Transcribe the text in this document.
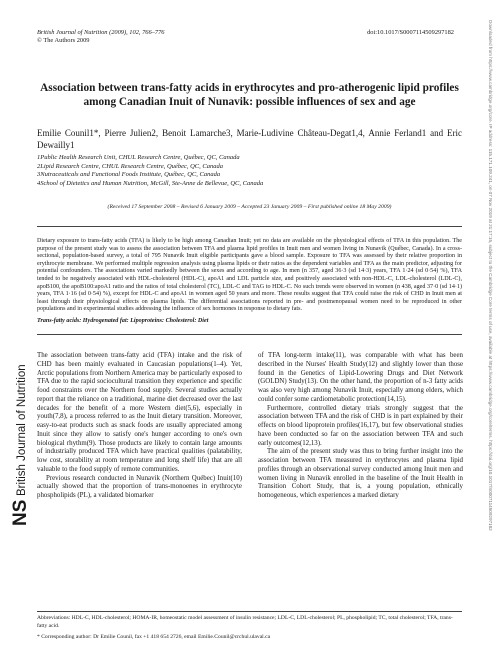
British Journal of Nutrition (2009), 102, 766–776
© The Authors 2009
doi:10.1017/S0007114509297182
Association between trans-fatty acids in erythrocytes and pro-atherogenic lipid profiles among Canadian Inuit of Nunavik: possible influences of sex and age
Emilie Counil1*, Pierre Julien2, Benoit Lamarche3, Marie-Ludivine Château-Degat1,4, Annie Ferland1 and Eric Dewailly1
1Public Health Research Unit, CHUL Research Centre, Québec, QC, Canada
2Lipid Research Centre, CHUL Research Centre, Québec, QC, Canada
3Nutraceuticals and Functional Foods Institute, Québec, QC, Canada
4School of Dietetics and Human Nutrition, McGill, Ste-Anne de Bellevue, QC, Canada
(Received 17 September 2008 – Revised 6 January 2009 – Accepted 23 January 2009 – First published online 18 May 2009)
Dietary exposure to trans-fatty acids (TFA) is likely to be high among Canadian Inuit; yet no data are available on the physiological effects of TFA in this population. The purpose of the present study was to assess the association between TFA and plasma lipid profiles in Inuit men and women living in Nunavik (Québec, Canada). In a cross-sectional, population-based survey, a total of 795 Nunavik Inuit eligible participants gave a blood sample. Exposure to TFA was assessed by their relative proportion in erythrocyte membrane. We performed multiple regression analysis using plasma lipids or their ratios as the dependent variables and TFA as the main predictor, adjusting for potential confounders. The associations varied markedly between the sexes and according to age. In men (n 357, aged 36·3 (sd 14·3) years, TFA 1·24 (sd 0·54) %), TFA tended to be negatively associated with HDL-cholesterol (HDL-C), apoA1 and LDL particle size, and positively associated with non-HDL-C, LDL-cholesterol (LDL-C), apoB100, the apoB100:apoA1 ratio and the ratios of total cholesterol (TC), LDL-C and TAG to HDL-C. No such trends were observed in women (n 438, aged 37·0 (sd 14·1) years, TFA 1·16 (sd 0·54) %), except for HDL-C and apoA1 in women aged 50 years and more. These results suggest that TFA could raise the risk of CHD in Inuit men at least through their physiological effects on plasma lipids. The differential associations reported in pre- and postmenopausal women need to be reproduced in other populations and in experimental studies addressing the influence of sex hormones in response to dietary fats.
Trans-fatty acids: Hydrogenated fat: Lipoproteins: Cholesterol: Diet
NS
British Journal of Nutrition

The association between trans-fatty acid (TFA) intake and the risk of CHD has been mainly evaluated in Caucasian populations(1–4). Yet, Arctic populations from Northern America may be particularly exposed to TFA due to the rapid sociocultural transition they experience and specific food constraints over the Northern food supply. Several studies actually report that the reliance on a traditional, marine diet decreased over the last decades for the benefit of a more Western diet(5,6), especially in youth(7,8), a process referred to as the Inuit dietary transition. Moreover, easy-to-eat products such as snack foods are usually appreciated among Inuit since they allow to satisfy one's hunger according to one's own biological rhythm(9). Those products are likely to contain large amounts of industrially produced TFA which have practical qualities (palatability, low cost, storability at room temperature and long shelf life) that are all valuable to the food supply of remote communities.

Previous research conducted in Nunavik (Northern Québec) Inuit(10) actually showed that the proportion of trans-monoenes in erythrocyte phospholipids (PL), a validated biomarker

of TFA long-term intake(11), was comparable with what has been described in the Nurses' Health Study(12) and slightly lower than those found in the Genetics of Lipid-Lowering Drugs and Diet Network (GOLDN) Study(13). On the other hand, the proportion of n-3 fatty acids was also very high among Nunavik Inuit, especially among elders, which could confer some cardiometabolic protection(14,15).

Furthermore, controlled dietary trials strongly suggest that the association between TFA and the risk of CHD is in part explained by their effects on blood lipoprotein profiles(16,17), but few observational studies have been conducted so far on the association between TFA and such early outcomes(12,13).

The aim of the present study was thus to bring further insight into the association between TFA measured in erythrocytes and plasma lipid profiles through an observational survey conducted among Inuit men and women living in Nunavik enrolled in the baseline of the Inuit Health in Transition Cohort Study, that is, a young population, ethnically homogeneous, which experiences a marked dietary

Abbreviations: HDL-C, HDL-cholesterol; HOMA-IR, homeostatic model assessment of insulin resistance; LDL-C, LDL-cholesterol; PL, phospholipid; TC, total cholesterol; TFA, trans-fatty acid.
* Corresponding author: Dr Emilie Counil, fax +1 418 654 2726, email Emilie.Counil@crchul.ulaval.ca
Downloaded from https://www.cambridge.org/core. IP address: 115.171.109.241, on 07 Nov 2019 at 21:17:15, subject to the Cambridge Core terms of use, available at https://www.cambridge.org/core/terms. https://doi.org/10.1017/S0007114509297182
